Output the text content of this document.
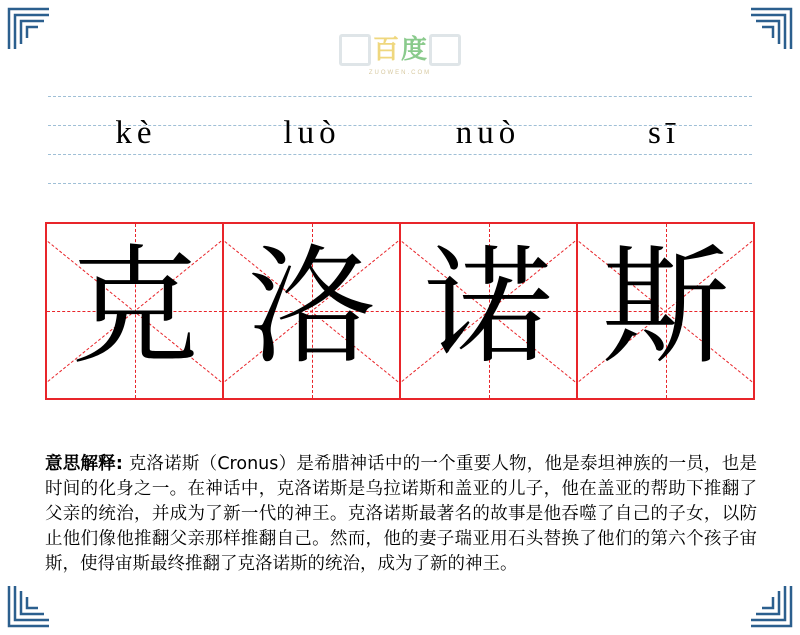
百 度
ZUOWEN.COM
kè	luò	nuò	sī
克 洛 诺 斯
意思解释: 克洛诺斯（Cronus）是希腊神话中的一个重要人物，他是泰坦神族的一员，也是时间的化身之一。在神话中，克洛诺斯是乌拉诺斯和盖亚的儿子，他在盖亚的帮助下推翻了父亲的统治，并成为了新一代的神王。克洛诺斯最著名的故事是他吞噬了自己的子女，以防止他们像他推翻父亲那样推翻自己。然而，他的妻子瑞亚用石头替换了他们的第六个孩子宙斯，使得宙斯最终推翻了克洛诺斯的统治，成为了新的神王。
